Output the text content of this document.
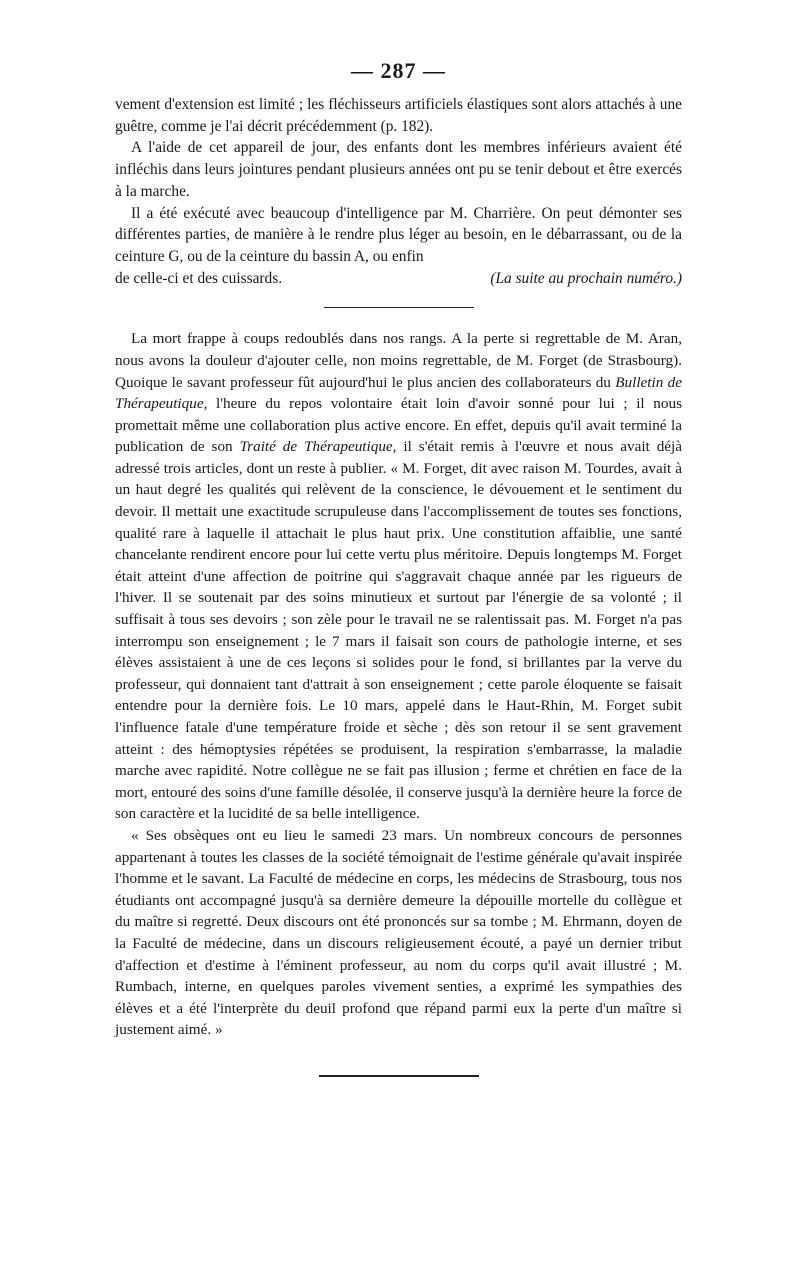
— 287 —

vement d'extension est limité ; les fléchisseurs artificiels élastiques sont alors attachés à une guêtre, comme je l'ai décrit précédemment (p. 182).

A l'aide de cet appareil de jour, des enfants dont les membres inférieurs avaient été infléchis dans leurs jointures pendant plusieurs années ont pu se tenir debout et être exercés à la marche.

Il a été exécuté avec beaucoup d'intelligence par M. Charrière. On peut démonter ses différentes parties, de manière à le rendre plus léger au besoin, en le débarrassant, ou de la ceinture G, ou de la ceinture du bassin A, ou enfin

de celle-ci et des cuissards.	(La suite au prochain numéro.)

La mort frappe à coups redoublés dans nos rangs. A la perte si regrettable de M. Aran, nous avons la douleur d'ajouter celle, non moins regrettable, de M. Forget (de Strasbourg). Quoique le savant professeur fût aujourd'hui le plus ancien des collaborateurs du Bulletin de Thérapeutique, l'heure du repos volontaire était loin d'avoir sonné pour lui ; il nous promettait même une collaboration plus active encore. En effet, depuis qu'il avait terminé la publication de son Traité de Thérapeutique, il s'était remis à l'œuvre et nous avait déjà adressé trois articles, dont un reste à publier. « M. Forget, dit avec raison M. Tourdes, avait à un haut degré les qualités qui relèvent de la conscience, le dévouement et le sentiment du devoir. Il mettait une exactitude scrupuleuse dans l'accomplissement de toutes ses fonctions, qualité rare à laquelle il attachait le plus haut prix. Une constitution affaiblie, une santé chancelante rendirent encore pour lui cette vertu plus méritoire. Depuis longtemps M. Forget était atteint d'une affection de poitrine qui s'aggravait chaque année par les rigueurs de l'hiver. Il se soutenait par des soins minutieux et surtout par l'énergie de sa volonté ; il suffisait à tous ses devoirs ; son zèle pour le travail ne se ralentissait pas. M. Forget n'a pas interrompu son enseignement ; le 7 mars il faisait son cours de pathologie interne, et ses élèves assistaient à une de ces leçons si solides pour le fond, si brillantes par la verve du professeur, qui donnaient tant d'attrait à son enseignement ; cette parole éloquente se faisait entendre pour la dernière fois. Le 10 mars, appelé dans le Haut-Rhin, M. Forget subit l'influence fatale d'une température froide et sèche ; dès son retour il se sent gravement atteint : des hémoptysies répétées se produisent, la respiration s'embarrasse, la maladie marche avec rapidité. Notre collègue ne se fait pas illusion ; ferme et chrétien en face de la mort, entouré des soins d'une famille désolée, il conserve jusqu'à la dernière heure la force de son caractère et la lucidité de sa belle intelligence.

« Ses obsèques ont eu lieu le samedi 23 mars. Un nombreux concours de personnes appartenant à toutes les classes de la société témoignait de l'estime générale qu'avait inspirée l'homme et le savant. La Faculté de médecine en corps, les médecins de Strasbourg, tous nos étudiants ont accompagné jusqu'à sa dernière demeure la dépouille mortelle du collègue et du maître si regretté. Deux discours ont été prononcés sur sa tombe ; M. Ehrmann, doyen de la Faculté de médecine, dans un discours religieusement écouté, a payé un dernier tribut d'affection et d'estime à l'éminent professeur, au nom du corps qu'il avait illustré ; M. Rumbach, interne, en quelques paroles vivement senties, a exprimé les sympathies des élèves et a été l'interprète du deuil profond que répand parmi eux la perte d'un maître si justement aimé. »
